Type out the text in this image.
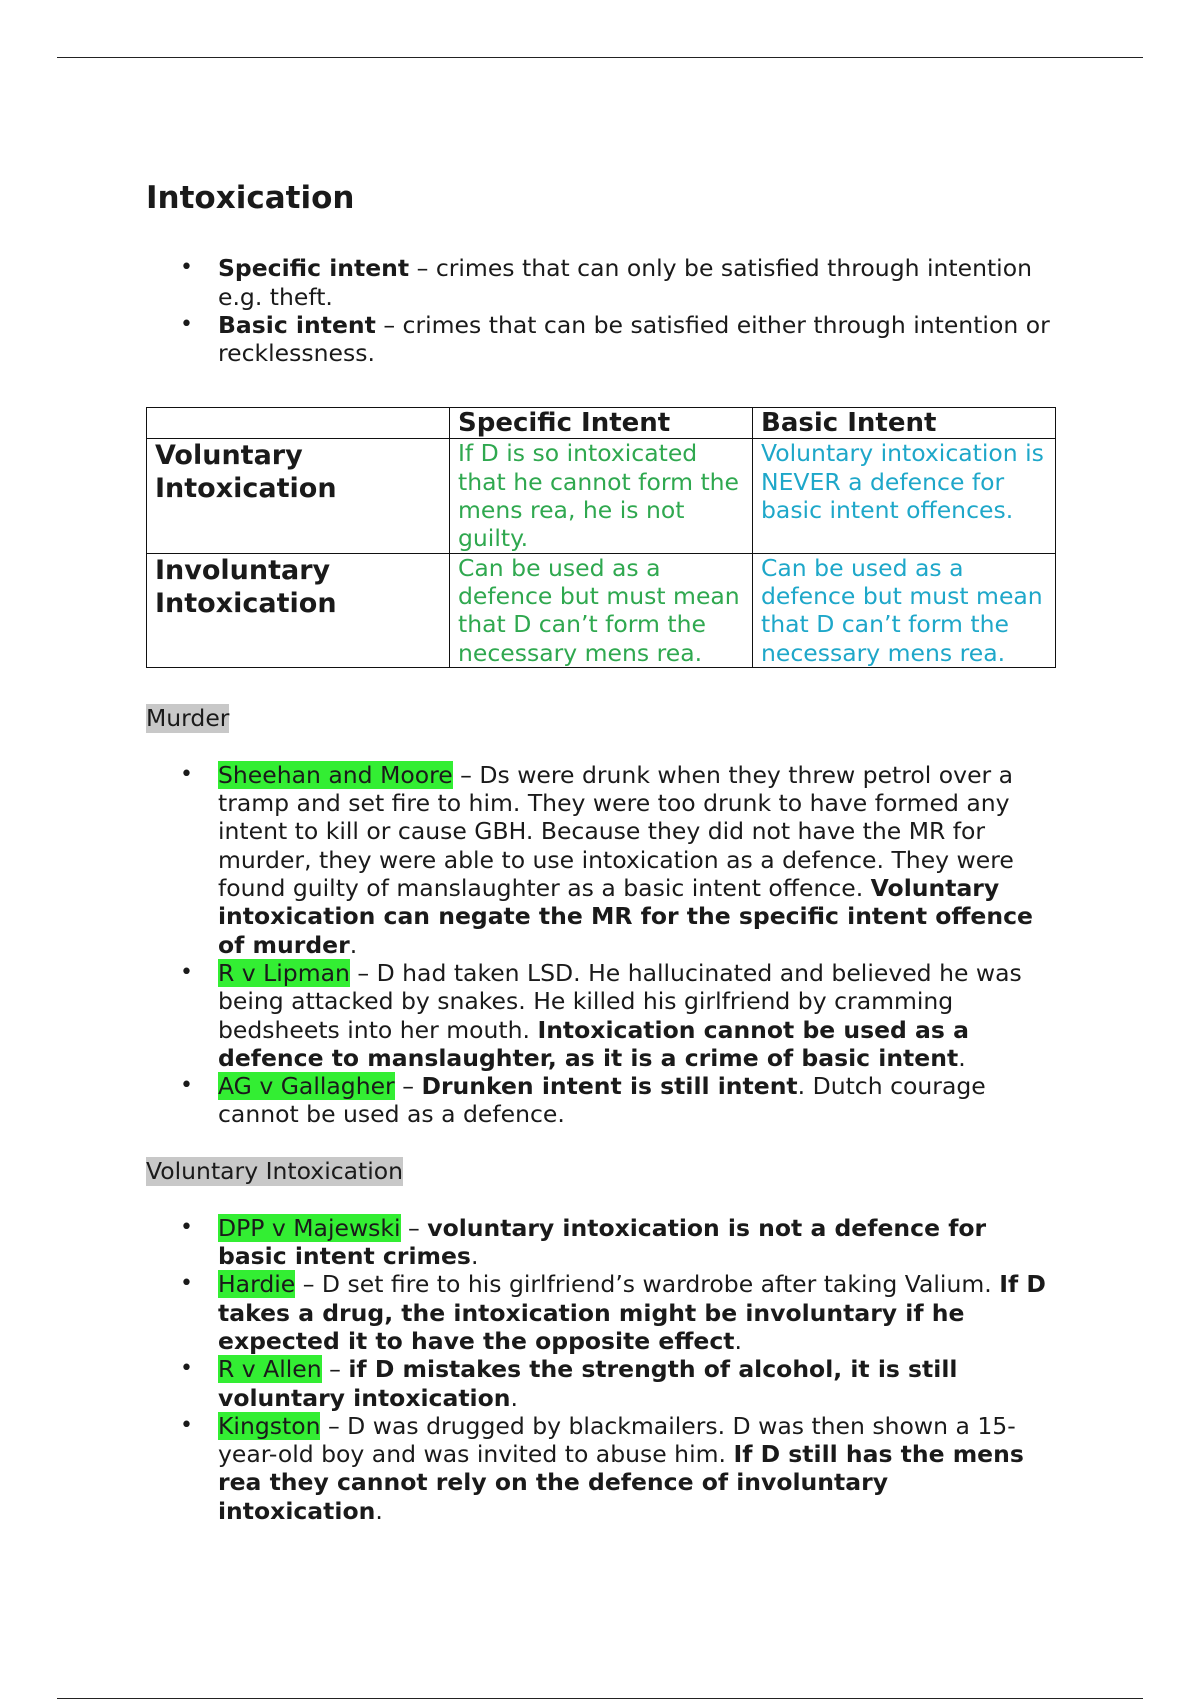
Intoxication
• Specific intent – crimes that can only be satisfied through intention e.g. theft.
• Basic intent – crimes that can be satisfied either through intention or recklessness.
	Specific Intent	Basic Intent
Voluntary Intoxication	If D is so intoxicated that he cannot form the mens rea, he is not guilty.	Voluntary intoxication is NEVER a defence for basic intent offences.
Involuntary Intoxication	Can be used as a defence but must mean that D can’t form the necessary mens rea.	Can be used as a defence but must mean that D can’t form the necessary mens rea.
Murder
• Sheehan and Moore – Ds were drunk when they threw petrol over a tramp and set fire to him. They were too drunk to have formed any intent to kill or cause GBH. Because they did not have the MR for murder, they were able to use intoxication as a defence. They were found guilty of manslaughter as a basic intent offence. Voluntary intoxication can negate the MR for the specific intent offence of murder.
• R v Lipman – D had taken LSD. He hallucinated and believed he was being attacked by snakes. He killed his girlfriend by cramming bedsheets into her mouth. Intoxication cannot be used as a defence to manslaughter, as it is a crime of basic intent.
• AG v Gallagher – Drunken intent is still intent. Dutch courage cannot be used as a defence.
Voluntary Intoxication
• DPP v Majewski – voluntary intoxication is not a defence for basic intent crimes.
• Hardie – D set fire to his girlfriend’s wardrobe after taking Valium. If D takes a drug, the intoxication might be involuntary if he expected it to have the opposite effect.
• R v Allen – if D mistakes the strength of alcohol, it is still voluntary intoxication.
• Kingston – D was drugged by blackmailers. D was then shown a 15-year-old boy and was invited to abuse him. If D still has the mens rea they cannot rely on the defence of involuntary intoxication.
